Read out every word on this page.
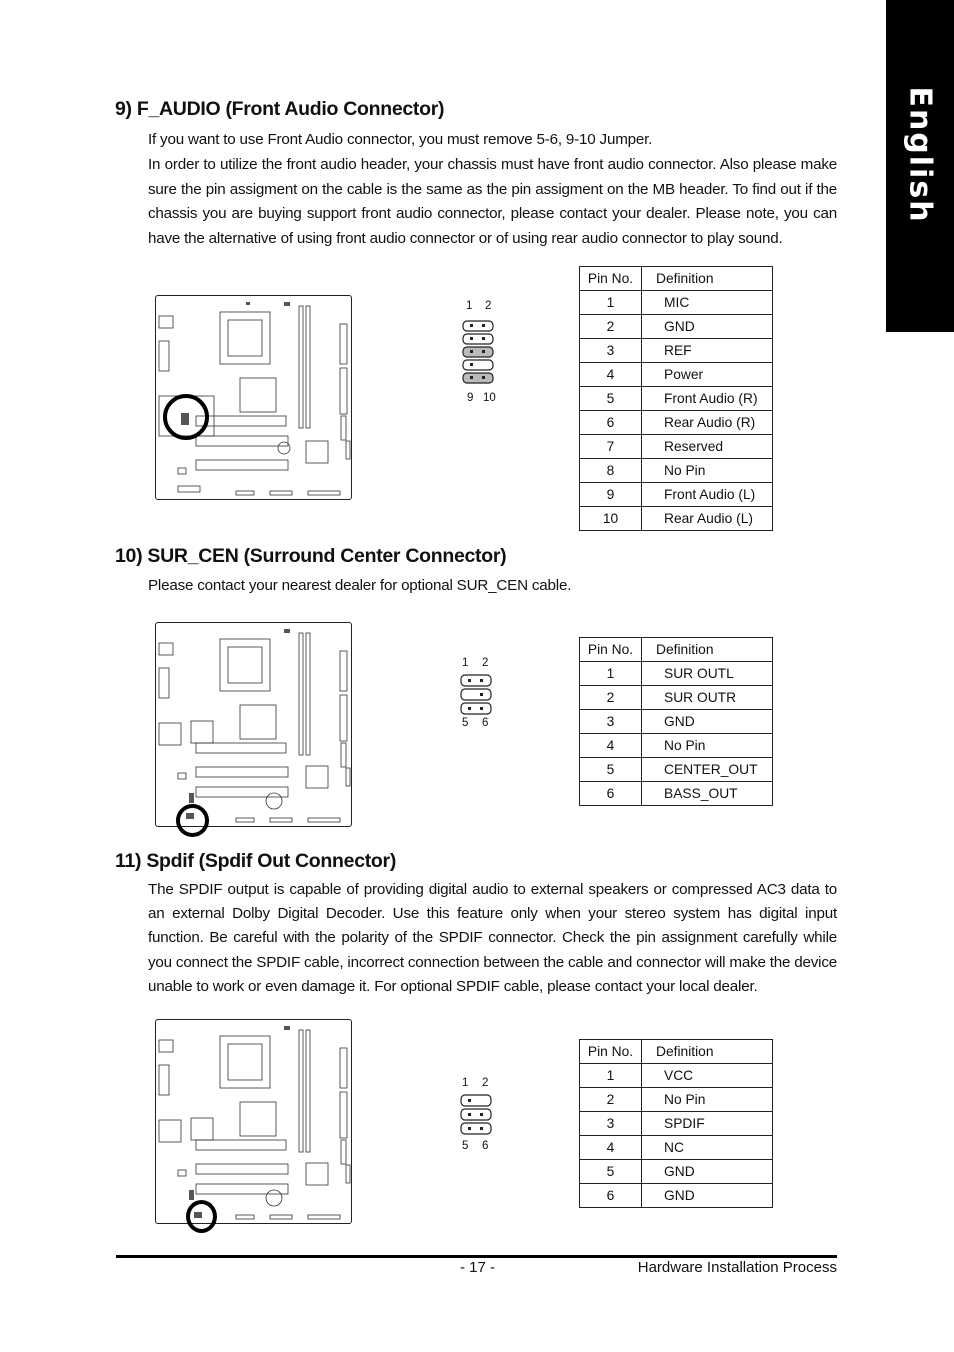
English
9) F_AUDIO (Front Audio Connector)

If you want to use Front Audio connector, you must remove 5-6, 9-10 Jumper.

In order to utilize the front audio header, your chassis must have front audio connector. Also please make sure the pin assigment on the cable is the same as the pin assigment on the MB header. To find out if the chassis you are buying support front audio connector, please contact your dealer. Please note, you can have the alternative of using front audio connector or of using rear audio connector to play sound.

1 2
9 10
Pin No.	Definition
1	MIC
2	GND
3	REF
4	Power
5	Front Audio (R)
6	Rear Audio (R)
7	Reserved
8	No Pin
9	Front Audio (L)
10	Rear Audio (L)
10) SUR_CEN (Surround Center Connector)
Please contact your nearest dealer for optional SUR_CEN cable.
1 2
5 6
Pin No.	Definition
1	SUR OUTL
2	SUR OUTR
3	GND
4	No Pin
5	CENTER_OUT
6	BASS_OUT
11) Spdif (Spdif Out Connector)

The SPDIF output is capable of providing digital audio to external speakers or compressed AC3 data to an external Dolby Digital Decoder. Use this feature only when your stereo system has digital input function. Be careful with the polarity of the SPDIF connector. Check the pin assignment carefully while you connect the SPDIF cable, incorrect connection between the cable and connector will make the device unable to work or even damage it. For optional SPDIF cable, please contact your local dealer.

1 2
5 6
Pin No.	Definition
1	VCC
2	No Pin
3	SPDIF
4	NC
5	GND
6	GND
- 17 -	Hardware Installation Process
